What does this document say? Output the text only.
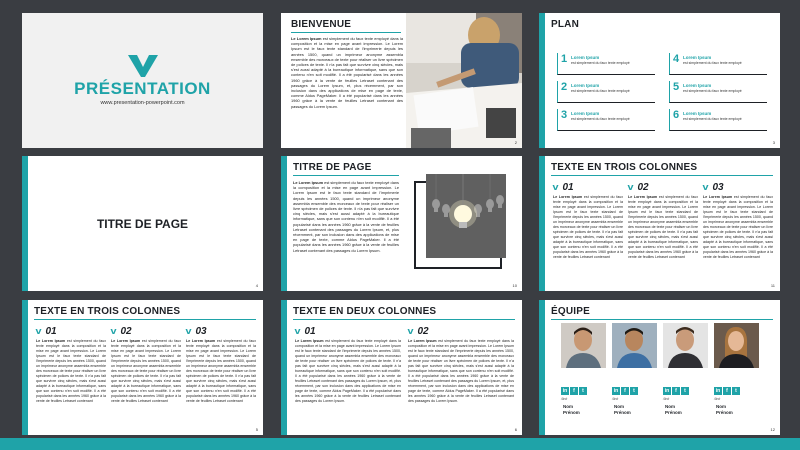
PRÉSENTATION
www.presentation-powerpoint.com
BIENVENUE
Le Lorem Ipsum est simplement du faux texte employé dans la composition et la mise en page avant impression. Le Lorem Ipsum est le faux texte standard de l'imprimerie depuis les années 1500, quand un imprimeur anonyme assembla ensemble des morceaux de texte pour réaliser un livre spécimen de polices de texte. Il n'a pas fait que survivre cinq siècles, mais s'est aussi adapté à la bureautique informatique, sans que son contenu n'en soit modifié. Il a été popularisé dans les années 1960 grâce à la vente de feuilles Letraset contenant des passages du Lorem Ipsum, et, plus récemment, par son inclusion dans des applications de mise en page de texte, comme Aldus PageMaker. Il a été popularisé dans les années 1960 grâce à la vente de feuilles Letraset contenant des passages du Lorem Ipsum.
2
PLAN
1 Lorem Ipsum
est simplement du faux texte employé
2 Lorem Ipsum
est simplement du faux texte employé
3 Lorem Ipsum
est simplement du faux texte employé
4 Lorem Ipsum
est simplement du faux texte employé
5 Lorem Ipsum
est simplement du faux texte employé
6 Lorem Ipsum
est simplement du faux texte employé
3
TITRE DE PAGE
4
TITRE DE PAGE
Le Lorem Ipsum est simplement du faux texte employé dans la composition et la mise en page avant impression. Le Lorem Ipsum est le faux texte standard de l'imprimerie depuis les années 1500, quand un imprimeur anonyme assembla ensemble des morceaux de texte pour réaliser un livre spécimen de polices de texte. Il n'a pas fait que survivre cinq siècles, mais s'est aussi adapté à la bureautique informatique, sans que son contenu n'en soit modifié. Il a été popularisé dans les années 1960 grâce à la vente de feuilles Letraset contenant des passages du Lorem Ipsum, et, plus récemment, par son inclusion dans des applications de mise en page de texte, comme Aldus PageMaker. Il a été popularisé dans les années 1960 grâce à la vente de feuilles Letraset contenant des passages du Lorem Ipsum.
10
TEXTE EN TROIS COLONNES
v 01
Le Lorem Ipsum est simplement du faux texte employé dans la composition et la mise en page avant impression. Le Lorem Ipsum est le faux texte standard de l'imprimerie depuis les années 1500, quand un imprimeur anonyme assembla ensemble des morceaux de texte pour réaliser un livre spécimen de polices de texte. Il n'a pas fait que survivre cinq siècles, mais s'est aussi adapté à la bureautique informatique, sans que son contenu n'en soit modifié. Il a été popularisé dans les années 1960 grâce à la vente de feuilles Letraset contenant
v 02
Le Lorem Ipsum est simplement du faux texte employé dans la composition et la mise en page avant impression. Le Lorem Ipsum est le faux texte standard de l'imprimerie depuis les années 1500, quand un imprimeur anonyme assembla ensemble des morceaux de texte pour réaliser un livre spécimen de polices de texte. Il n'a pas fait que survivre cinq siècles, mais s'est aussi adapté à la bureautique informatique, sans que son contenu n'en soit modifié. Il a été popularisé dans les années 1960 grâce à la vente de feuilles Letraset contenant
v 03
Le Lorem Ipsum est simplement du faux texte employé dans la composition et la mise en page avant impression. Le Lorem Ipsum est le faux texte standard de l'imprimerie depuis les années 1500, quand un imprimeur anonyme assembla ensemble des morceaux de texte pour réaliser un livre spécimen de polices de texte. Il n'a pas fait que survivre cinq siècles, mais s'est aussi adapté à la bureautique informatique, sans que son contenu n'en soit modifié. Il a été popularisé dans les années 1960 grâce à la vente de feuilles Letraset contenant
11
TEXTE EN TROIS COLONNES
v 01
Le Lorem Ipsum est simplement du faux texte employé dans la composition et la mise en page avant impression. Le Lorem Ipsum est le faux texte standard de l'imprimerie depuis les années 1500, quand un imprimeur anonyme assembla ensemble des morceaux de texte pour réaliser un livre spécimen de polices de texte. Il n'a pas fait que survivre cinq siècles, mais s'est aussi adapté à la bureautique informatique, sans que son contenu n'en soit modifié. Il a été popularisé dans les années 1960 grâce à la vente de feuilles Letraset contenant
v 02
Le Lorem Ipsum est simplement du faux texte employé dans la composition et la mise en page avant impression. Le Lorem Ipsum est le faux texte standard de l'imprimerie depuis les années 1500, quand un imprimeur anonyme assembla ensemble des morceaux de texte pour réaliser un livre spécimen de polices de texte. Il n'a pas fait que survivre cinq siècles, mais s'est aussi adapté à la bureautique informatique, sans que son contenu n'en soit modifié. Il a été popularisé dans les années 1960 grâce à la vente de feuilles Letraset contenant
v 03
Le Lorem Ipsum est simplement du faux texte employé dans la composition et la mise en page avant impression. Le Lorem Ipsum est le faux texte standard de l'imprimerie depuis les années 1500, quand un imprimeur anonyme assembla ensemble des morceaux de texte pour réaliser un livre spécimen de polices de texte. Il n'a pas fait que survivre cinq siècles, mais s'est aussi adapté à la bureautique informatique, sans que son contenu n'en soit modifié. Il a été popularisé dans les années 1960 grâce à la vente de feuilles Letraset contenant
5
TEXTE EN DEUX COLONNES
v 01
Le Lorem Ipsum est simplement du faux texte employé dans la composition et la mise en page avant impression. Le Lorem Ipsum est le faux texte standard de l'imprimerie depuis les années 1500, quand un imprimeur anonyme assembla ensemble des morceaux de texte pour réaliser un livre spécimen de polices de texte. Il n'a pas fait que survivre cinq siècles, mais s'est aussi adapté à la bureautique informatique, sans que son contenu n'en soit modifié. Il a été popularisé dans les années 1960 grâce à la vente de feuilles Letraset contenant des passages du Lorem Ipsum, et, plus récemment, par son inclusion dans des applications de mise en page de texte, comme Aldus PageMaker. Il a été popularisé dans les années 1960 grâce à la vente de feuilles Letraset contenant des passages du Lorem Ipsum.
v 02
Le Lorem Ipsum est simplement du faux texte employé dans la composition et la mise en page avant impression. Le Lorem Ipsum est le faux texte standard de l'imprimerie depuis les années 1500, quand un imprimeur anonyme assembla ensemble des morceaux de texte pour réaliser un livre spécimen de polices de texte. Il n'a pas fait que survivre cinq siècles, mais s'est aussi adapté à la bureautique informatique, sans que son contenu n'en soit modifié. Il a été popularisé dans les années 1960 grâce à la vente de feuilles Letraset contenant des passages du Lorem Ipsum, et, plus récemment, par son inclusion dans des applications de mise en page de texte, comme Aldus PageMaker. Il a été popularisé dans les années 1960 grâce à la vente de feuilles Letraset contenant des passages du Lorem Ipsum.
6
ÉQUIPE
in	f	t	in	f	t	in	f	t	in	f	t
/link	/link	/link	/link
Nom
Prénom
Nom
Prénom
Nom
Prénom
Nom
Prénom
12
